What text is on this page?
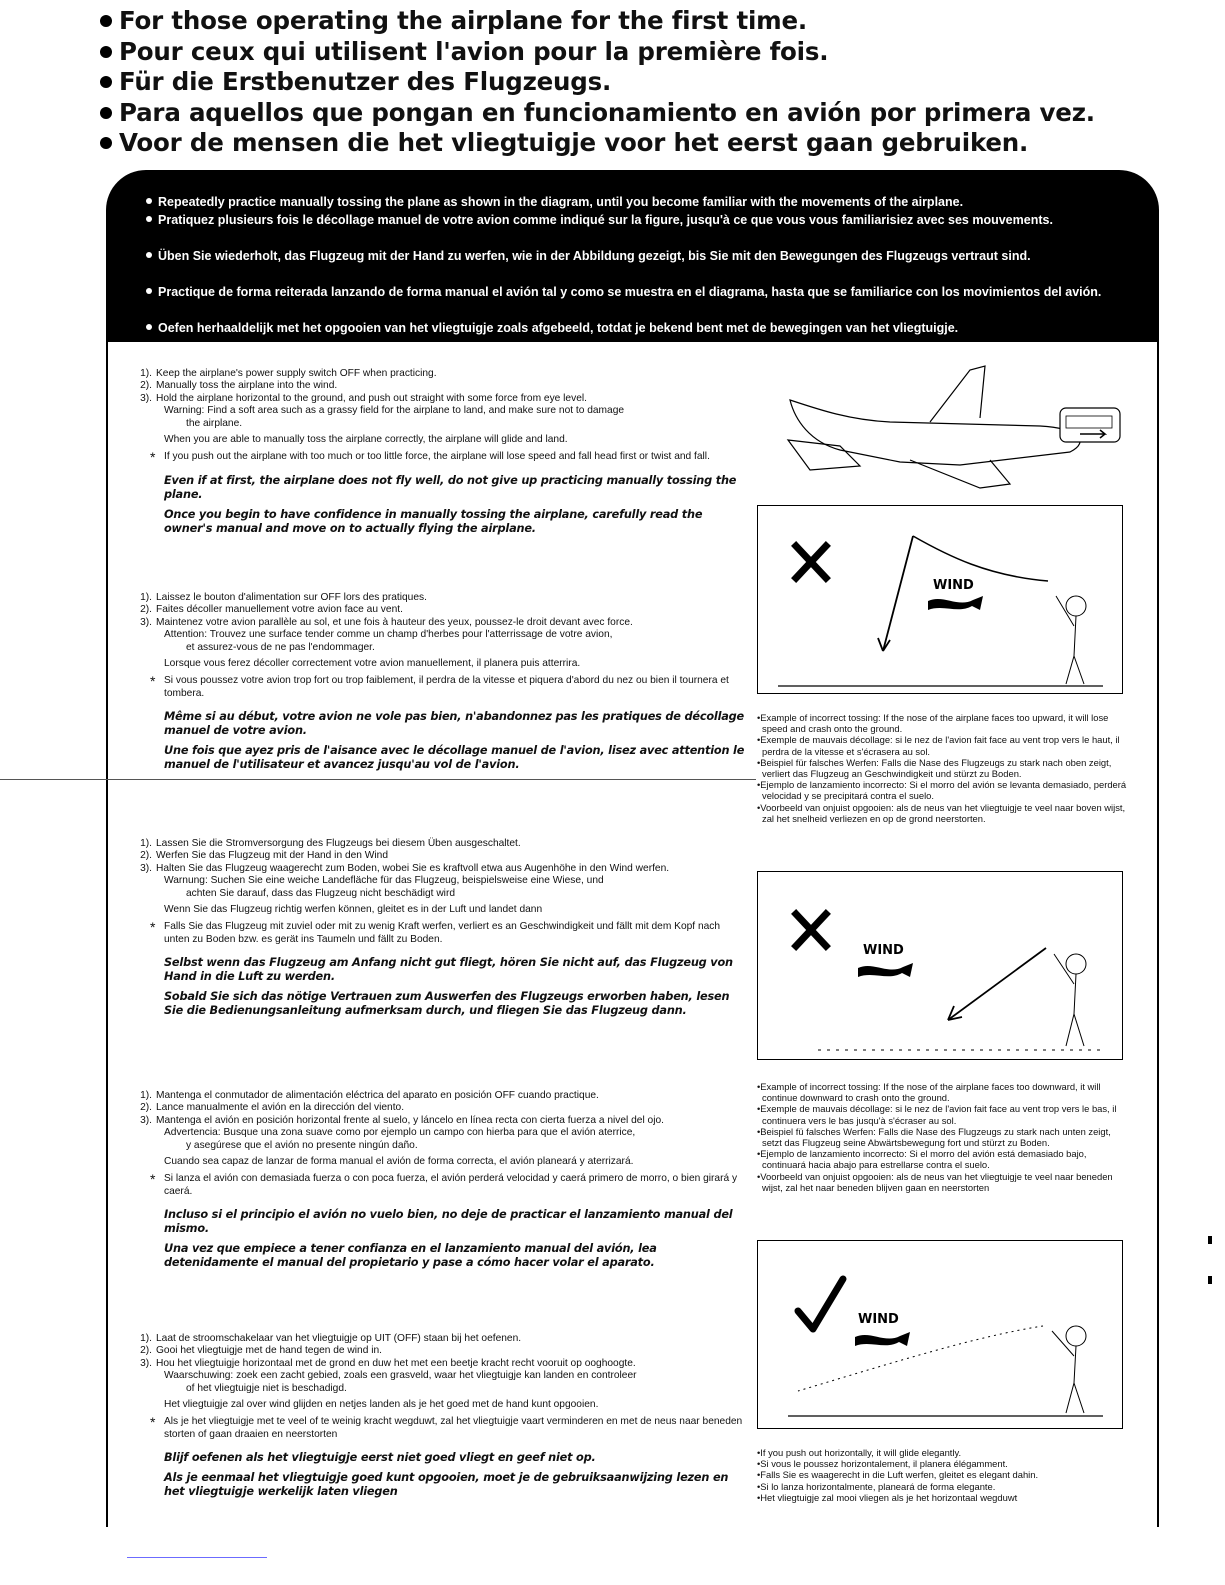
For those operating the airplane for the first time.
Pour ceux qui utilisent l'avion pour la première fois.
Für die Erstbenutzer des Flugzeugs.
Para aquellos que pongan en funcionamiento en avión por primera vez.
Voor de mensen die het vliegtuigje voor het eerst gaan gebruiken.
Repeatedly practice manually tossing the plane as shown in the diagram, until you become familiar with the movements of the airplane.
Pratiquez plusieurs fois le décollage manuel de votre avion comme indiqué sur la figure, jusqu'à ce que vous vous familiarisiez avec ses mouvements.
Üben Sie wiederholt, das Flugzeug mit der Hand zu werfen, wie in der Abbildung gezeigt, bis Sie mit den Bewegungen des Flugzeugs vertraut sind.
Practique de forma reiterada lanzando de forma manual el avión tal y como se muestra en el diagrama, hasta que se familiarice con los movimientos del avión.
Oefen herhaaldelijk met het opgooien van het vliegtuigje zoals afgebeeld, totdat je bekend bent met de bewegingen van het vliegtuigje.
1). Keep the airplane's power supply switch OFF when practicing.
2). Manually toss the airplane into the wind.
3). Hold the airplane horizontal to the ground, and push out straight with some force from eye level.
Warning: Find a soft area such as a grassy field for the airplane to land, and make sure not to damage
the airplane.
When you are able to manually toss the airplane correctly, the airplane will glide and land.
* If you push out the airplane with too much or too little force, the airplane will lose speed and fall head first or twist and fall.
Even if at first, the airplane does not fly well, do not give up practicing manually tossing the plane.
Once you begin to have confidence in manually tossing the airplane, carefully read the owner's manual and move on to actually flying the airplane.
1). Laissez le bouton d'alimentation sur OFF lors des pratiques.
2). Faites décoller manuellement votre avion face au vent.
3). Maintenez votre avion parallèle au sol, et une fois à hauteur des yeux, poussez-le droit devant avec force.
Attention: Trouvez une surface tender comme un champ d'herbes pour l'atterrissage de votre avion,
et assurez-vous de ne pas l'endommager.
Lorsque vous ferez décoller correctement votre avion manuellement, il planera puis atterrira.
* Si vous poussez votre avion trop fort ou trop faiblement, il perdra de la vitesse et piquera d'abord du nez ou bien il tournera et tombera.
Même si au début, votre avion ne vole pas bien, n'abandonnez pas les pratiques de décollage manuel de votre avion.
Une fois que ayez pris de l'aisance avec le décollage manuel de l'avion, lisez avec attention le manuel de l'utilisateur et avancez jusqu'au vol de l'avion.
1). Lassen Sie die Stromversorgung des Flugzeugs bei diesem Üben ausgeschaltet.
2). Werfen Sie das Flugzeug mit der Hand in den Wind
3). Halten Sie das Flugzeug waagerecht zum Boden, wobei Sie es kraftvoll etwa aus Augenhöhe in den Wind werfen.
Warnung: Suchen Sie eine weiche Landefläche für das Flugzeug, beispielsweise eine Wiese, und
achten Sie darauf, dass das Flugzeug nicht beschädigt wird
Wenn Sie das Flugzeug richtig werfen können, gleitet es in der Luft und landet dann
* Falls Sie das Flugzeug mit zuviel oder mit zu wenig Kraft werfen, verliert es an Geschwindigkeit und fällt mit dem Kopf nach unten zu Boden bzw. es gerät ins Taumeln und fällt zu Boden.
Selbst wenn das Flugzeug am Anfang nicht gut fliegt, hören Sie nicht auf, das Flugzeug von Hand in die Luft zu werden.
Sobald Sie sich das nötige Vertrauen zum Auswerfen des Flugzeugs erworben haben, lesen Sie die Bedienungsanleitung aufmerksam durch, und fliegen Sie das Flugzeug dann.
1). Mantenga el conmutador de alimentación eléctrica del aparato en posición OFF cuando practique.
2). Lance manualmente el avión en la dirección del viento.
3). Mantenga el avión en posición horizontal frente al suelo, y láncelo en línea recta con cierta fuerza a nivel del ojo.
Advertencia: Busque una zona suave como por ejemplo un campo con hierba para que el avión aterrice,
y asegúrese que el avión no presente ningún daño.
Cuando sea capaz de lanzar de forma manual el avión de forma correcta, el avión planeará y aterrizará.
* Si lanza el avión con demasiada fuerza o con poca fuerza, el avión perderá velocidad y caerá primero de morro, o bien girará y caerá.
Incluso si el principio el avión no vuelo bien, no deje de practicar el lanzamiento manual del mismo.
Una vez que empiece a tener confianza en el lanzamiento manual del avión, lea detenidamente el manual del propietario y pase a cómo hacer volar el aparato.
1). Laat de stroomschakelaar van het vliegtuigje op UIT (OFF) staan bij het oefenen.
2). Gooi het vliegtuigje met de hand tegen de wind in.
3). Hou het vliegtuigje horizontaal met de grond en duw het met een beetje kracht recht vooruit op ooghoogte.
Waarschuwing: zoek een zacht gebied, zoals een grasveld, waar het vliegtuigje kan landen en controleer
of het vliegtuigje niet is beschadigd.
Het vliegtuigje zal over wind glijden en netjes landen als je het goed met de hand kunt opgooien.
* Als je het vliegtuigje met te veel of te weinig kracht wegduwt, zal het vliegtuigje vaart verminderen en met de neus naar beneden storten of gaan draaien en neerstorten
Blijf oefenen als het vliegtuigje eerst niet goed vliegt en geef niet op.
Als je eenmaal het vliegtuigje goed kunt opgooien, moet je de gebruiksaanwijzing lezen en het vliegtuigje werkelijk laten vliegen
WIND
•Example of incorrect tossing: If the nose of the airplane faces too upward, it will lose speed and crash onto the ground.
•Exemple de mauvais décollage: si le nez de l'avion fait face au vent trop vers le haut, il perdra de la vitesse et s'écrasera au sol.
•Beispiel für falsches Werfen: Falls die Nase des Flugzeugs zu stark nach oben zeigt, verliert das Flugzeug an Geschwindigkeit und stürzt zu Boden.
•Ejemplo de lanzamiento incorrecto: Si el morro del avión se levanta demasiado, perderá velocidad y se precipitará contra el suelo.
•Voorbeeld van onjuist opgooien: als de neus van het vliegtuigje te veel naar boven wijst, zal het snelheid verliezen en op de grond neerstorten.
WIND
•Example of incorrect tossing: If the nose of the airplane faces too downward, it will continue downward to crash onto the ground.
•Exemple de mauvais décollage: si le nez de l'avion fait face au vent trop vers le bas, il continuera vers le bas jusqu'à s'écraser au sol.
•Beispiel fü falsches Werfen: Falls die Nase des Flugzeugs zu stark nach unten zeigt, setzt das Flugzeug seine Abwärtsbewegung fort und stürzt zu Boden.
•Ejemplo de lanzamiento incorrecto: Si el morro del avión está demasiado bajo, continuará hacia abajo para estrellarse contra el suelo.
•Voorbeeld van onjuist opgooien: als de neus van het vliegtuigje te veel naar beneden wijst, zal het naar beneden blijven gaan en neerstorten
WIND
•If you push out horizontally, it will glide elegantly.
•Si vous le poussez horizontalement, il planera élégamment.
•Falls Sie es waagerecht in die Luft werfen, gleitet es elegant dahin.
•Si lo lanza horizontalmente, planeará de forma elegante.
•Het vliegtuigje zal mooi vliegen als je het horizontaal wegduwt
